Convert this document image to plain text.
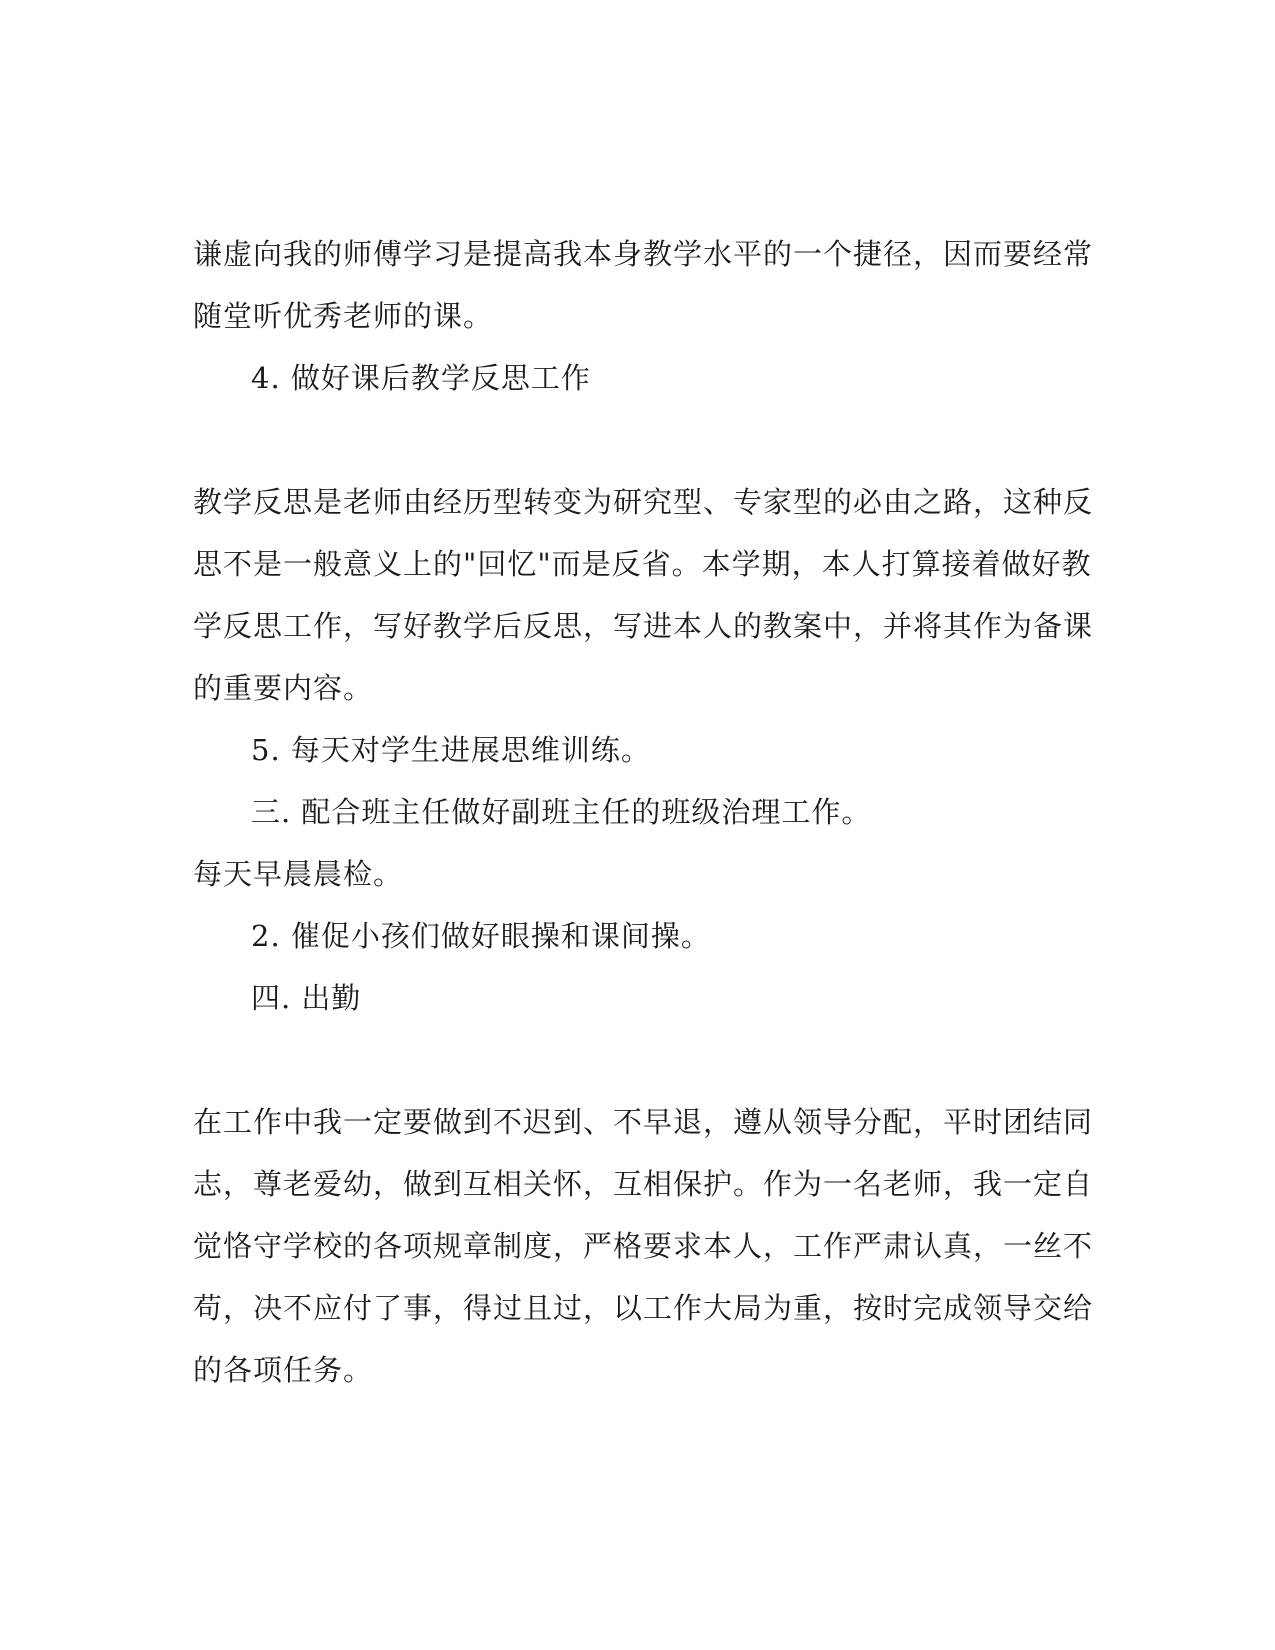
谦虚向我的师傅学习是提高我本身教学水平的一个捷径，因而要经常
随堂听优秀老师的课。
4. 做好课后教学反思工作
教学反思是老师由经历型转变为研究型、专家型的必由之路，这种反
思不是一般意义上的"回忆"而是反省。本学期，本人打算接着做好教
学反思工作，写好教学后反思，写进本人的教案中，并将其作为备课
的重要内容。
5. 每天对学生进展思维训练。
三. 配合班主任做好副班主任的班级治理工作。
每天早晨晨检。
2. 催促小孩们做好眼操和课间操。
四. 出勤
在工作中我一定要做到不迟到、不早退，遵从领导分配，平时团结同
志，尊老爱幼，做到互相关怀，互相保护。作为一名老师，我一定自
觉恪守学校的各项规章制度，严格要求本人，工作严肃认真，一丝不
苟，决不应付了事，得过且过，以工作大局为重，按时完成领导交给
的各项任务。
